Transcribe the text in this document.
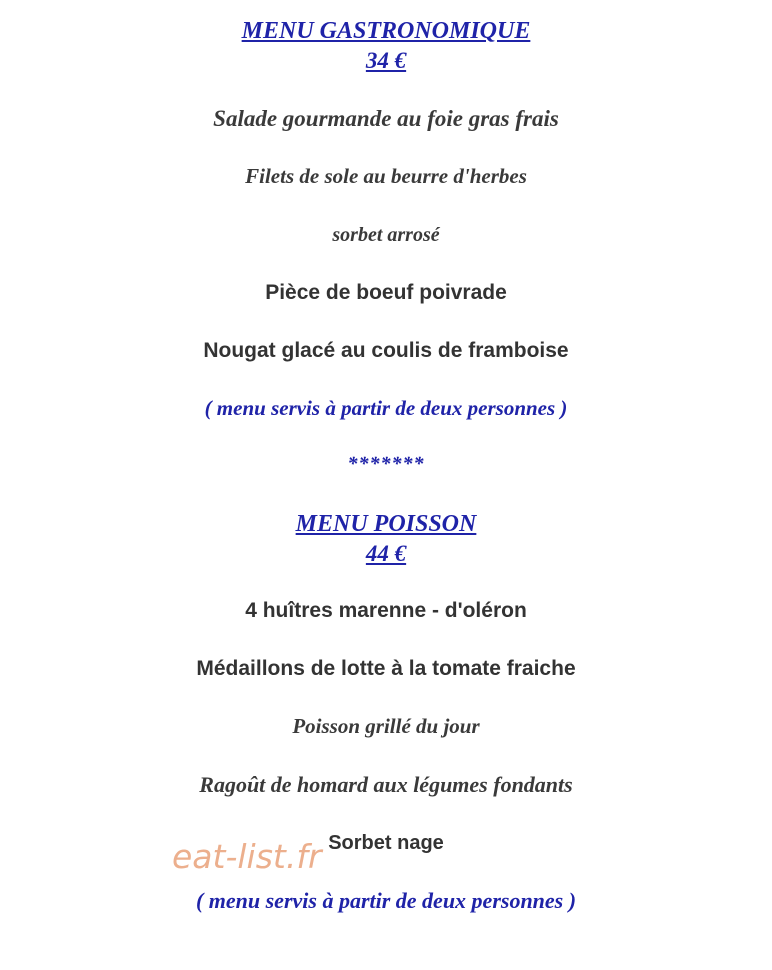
MENU GASTRONOMIQUE
34 €
Salade gourmande au foie gras frais
Filets de sole au beurre d'herbes
sorbet arrosé
Pièce de boeuf poivrade
Nougat glacé au coulis de framboise
( menu servis à partir de deux personnes )
*******
MENU POISSON
44 €
4 huîtres marenne - d'oléron
Médaillons de lotte à la tomate fraiche
Poisson grillé du jour
Ragoût de homard aux légumes fondants
Sorbet nage
( menu servis à partir de deux personnes )
eat-list.fr
